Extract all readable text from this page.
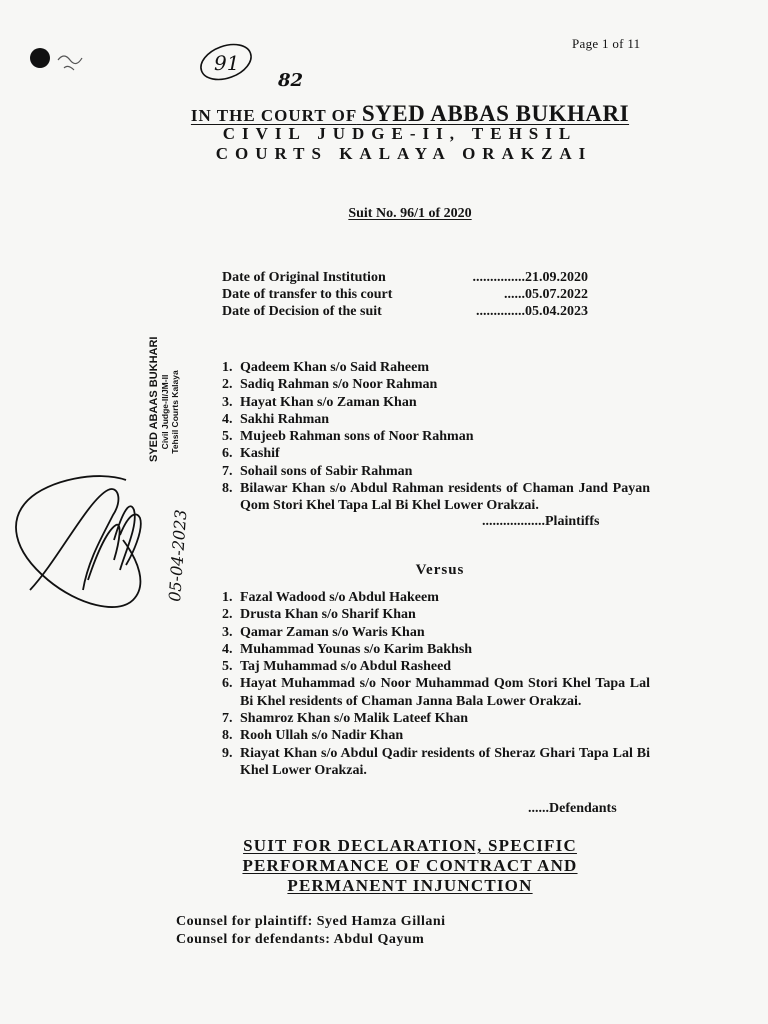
Page 1 of 11
91
82
IN THE COURT OF SYED ABBAS BUKHARI
CIVIL JUDGE-II, TEHSIL
COURTS KALAYA ORAKZAI
Suit No. 96/1 of 2020
Date of Original Institution	...............21.09.2020
Date of transfer to this court	......05.07.2022
Date of Decision of the suit	..............05.04.2023
SYED ABAAS BUKHARI Civil Judge-II/JM-II Tehsil Courts Kalaya
05-04-2023
1. Qadeem Khan s/o Said Raheem
2. Sadiq Rahman s/o Noor Rahman
3. Hayat Khan s/o Zaman Khan
4. Sakhi Rahman
5. Mujeeb Rahman sons of Noor Rahman
6. Kashif
7. Sohail sons of Sabir Rahman
8. Bilawar Khan s/o Abdul Rahman residents of Chaman Jand Payan Qom Stori Khel Tapa Lal Bi Khel Lower Orakzai.
..................Plaintiffs
Versus
1. Fazal Wadood s/o Abdul Hakeem
2. Drusta Khan s/o Sharif Khan
3. Qamar Zaman s/o Waris Khan
4. Muhammad Younas s/o Karim Bakhsh
5. Taj Muhammad s/o Abdul Rasheed
6. Hayat Muhammad s/o Noor Muhammad Qom Stori Khel Tapa Lal Bi Khel residents of Chaman Janna Bala Lower Orakzai.
7. Shamroz Khan s/o Malik Lateef Khan
8. Rooh Ullah s/o Nadir Khan
9. Riayat Khan s/o Abdul Qadir residents of Sheraz Ghari Tapa Lal Bi Khel Lower Orakzai.
......Defendants
SUIT FOR DECLARATION, SPECIFIC
PERFORMANCE OF CONTRACT AND
PERMANENT INJUNCTION
Counsel for plaintiff: Syed Hamza Gillani
Counsel for defendants: Abdul Qayum
